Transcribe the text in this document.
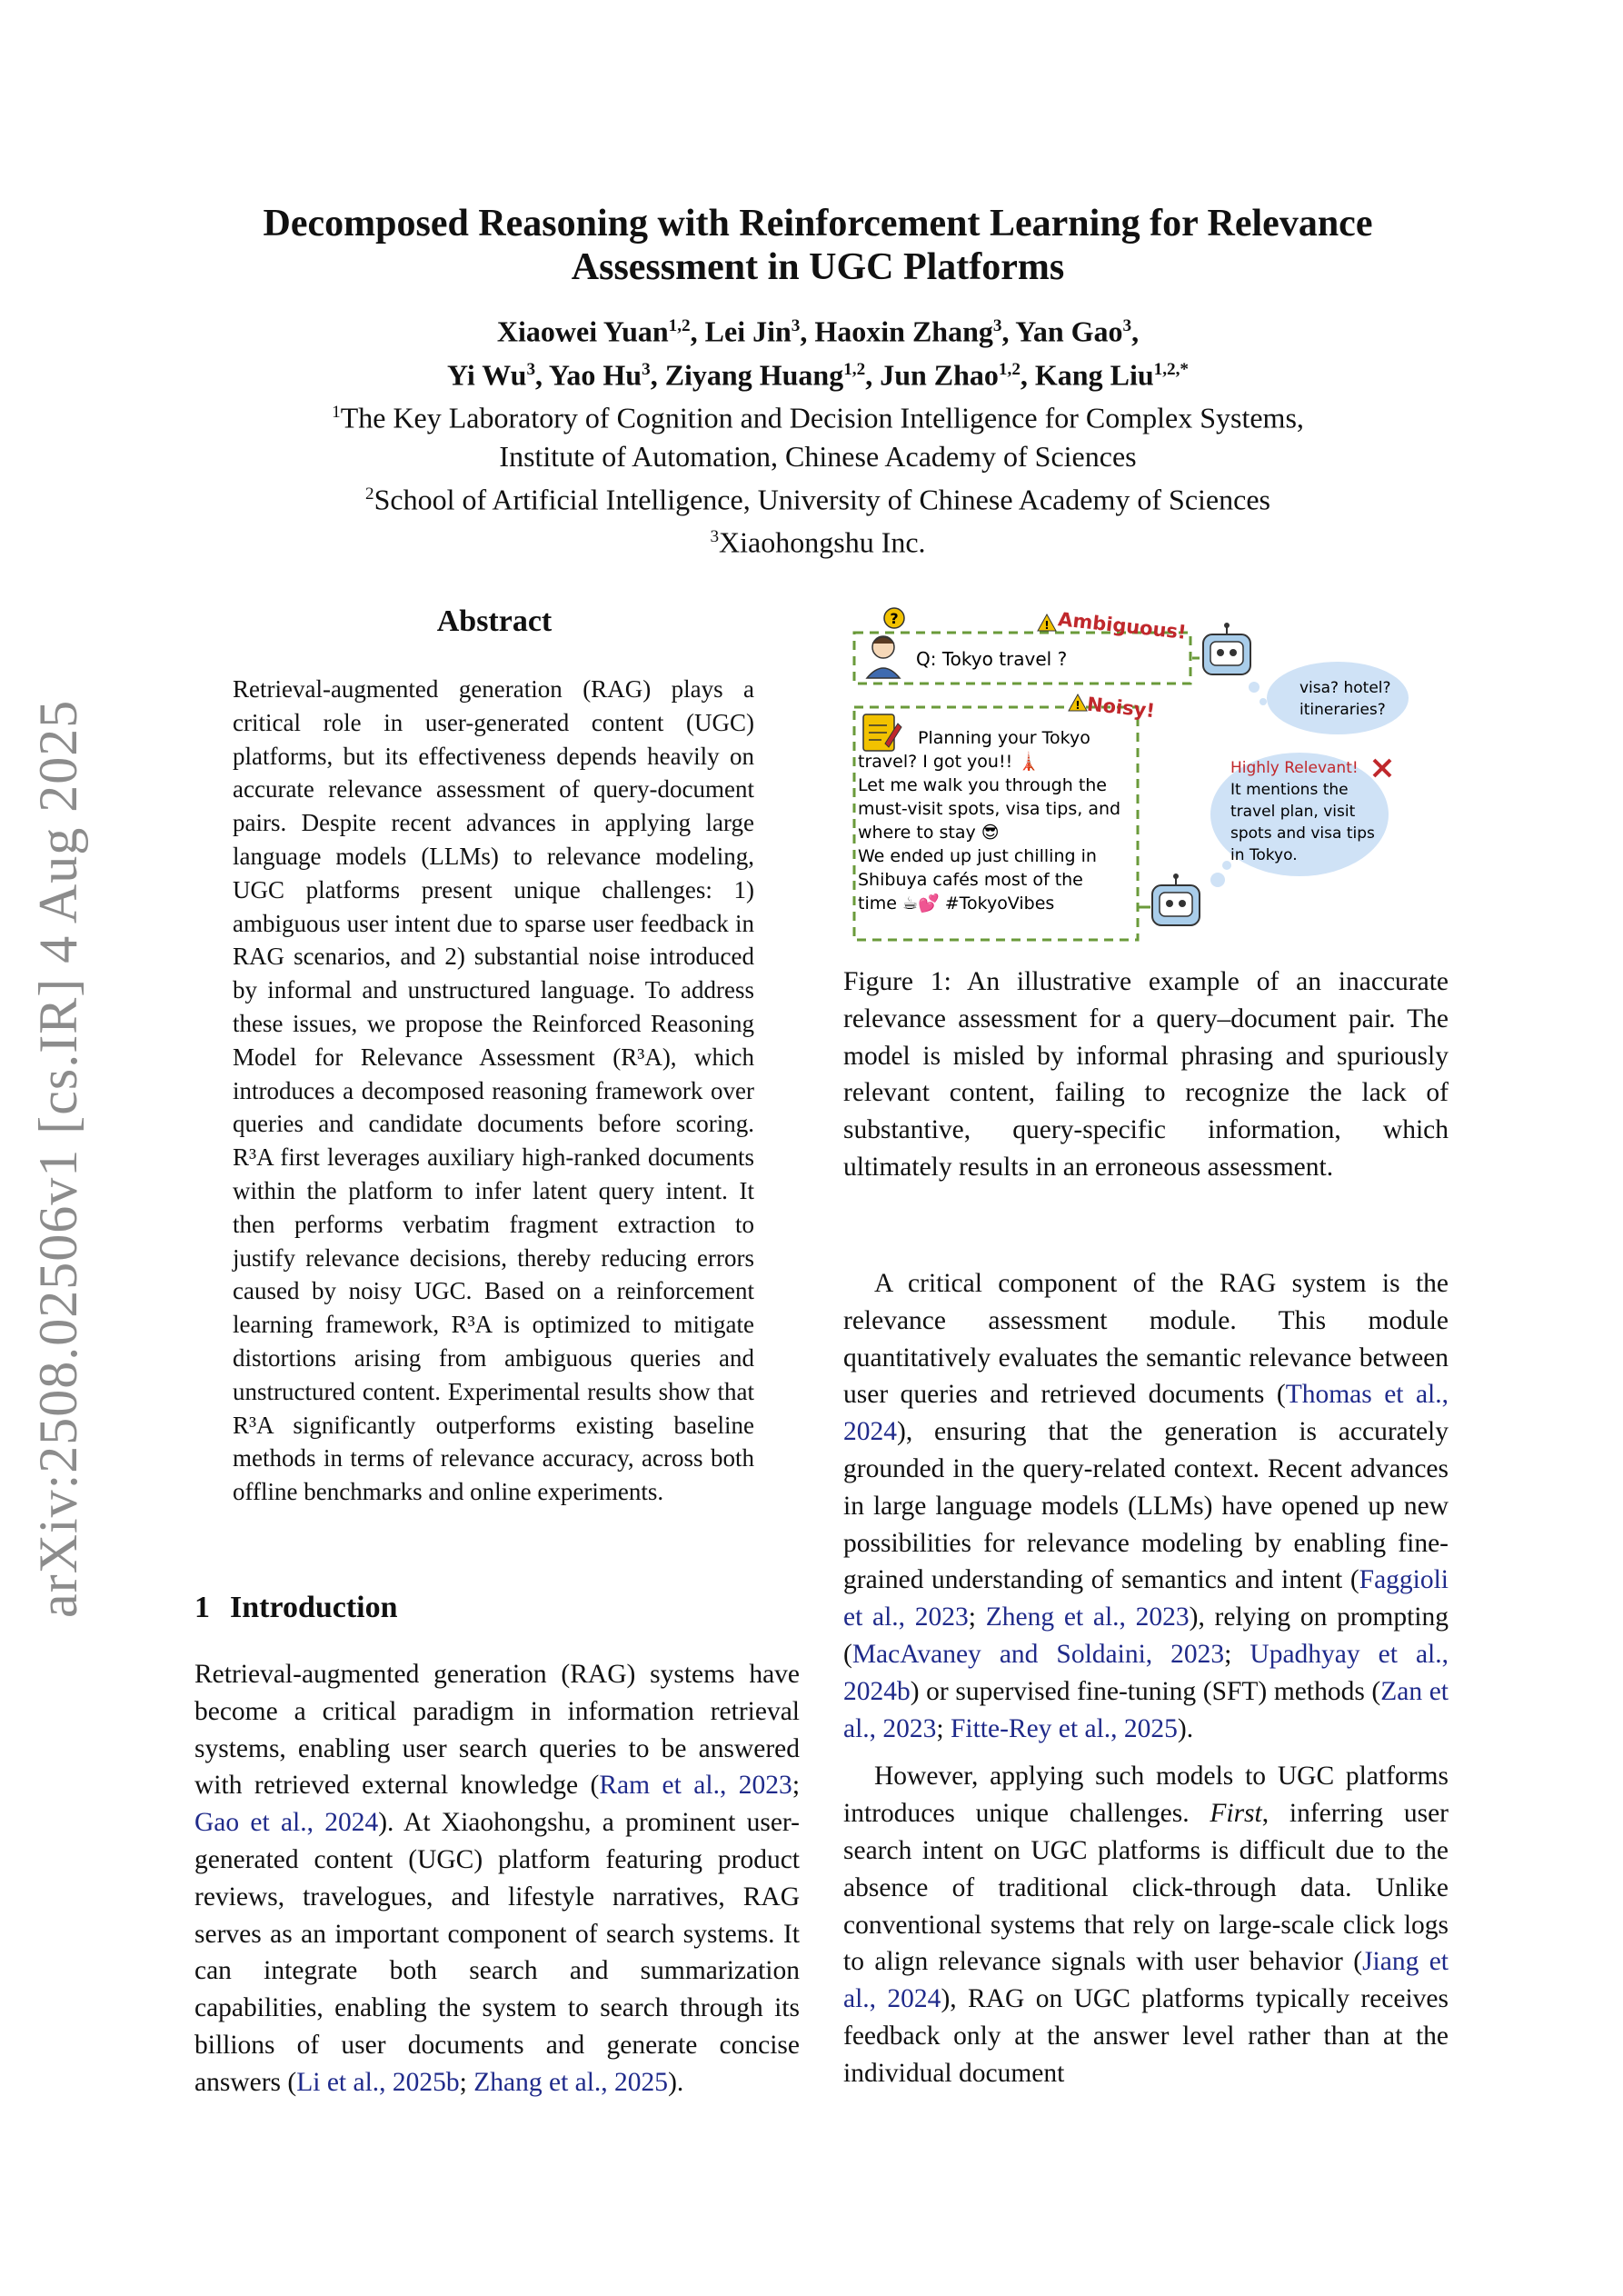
arXiv:2508.02506v1 [cs.IR] 4 Aug 2025
Decomposed Reasoning with Reinforcement Learning for Relevance
Assessment in UGC Platforms
Xiaowei Yuan$^{1,2}$, Lei Jin$^3$, Haoxin Zhang$^3$, Yan Gao$^3$,
Yi Wu$^3$, Yao Hu$^3$, Ziyang Huang$^{1,2}$, Jun Zhao$^{1,2}$, Kang Liu$^{1,2,*}$
$^1$The Key Laboratory of Cognition and Decision Intelligence for Complex Systems,
Institute of Automation, Chinese Academy of Sciences
$^2$School of Artificial Intelligence, University of Chinese Academy of Sciences
$^3$Xiaohongshu Inc.
Abstract
Retrieval-augmented generation (RAG) plays a critical role in user-generated content (UGC) platforms, but its effectiveness depends heavily on accurate relevance assessment of query-document pairs. Despite recent advances in applying large language models (LLMs) to relevance modeling, UGC platforms present unique challenges: 1) ambiguous user intent due to sparse user feedback in RAG scenarios, and 2) substantial noise introduced by informal and unstructured language. To address these issues, we propose the Reinforced Reasoning Model for Relevance Assessment (R³A), which introduces a decomposed reasoning framework over queries and candidate documents before scoring. R³A first leverages auxiliary high-ranked documents within the platform to infer latent query intent. It then performs verbatim fragment extraction to justify relevance decisions, thereby reducing errors caused by noisy UGC. Based on a reinforcement learning framework, R³A is optimized to mitigate distortions arising from ambiguous queries and unstructured content. Experimental results show that R³A significantly outperforms existing baseline methods in terms of relevance accuracy, across both offline benchmarks and online experiments.
1 Introduction
Retrieval-augmented generation (RAG) systems have become a critical paradigm in information retrieval systems, enabling user search queries to be answered with retrieved external knowledge (Ram et al., 2023; Gao et al., 2024). At Xiaohongshu, a prominent user-generated content (UGC) platform featuring product reviews, travelogues, and lifestyle narratives, RAG serves as an important component of search systems. It can integrate both search and summarization capabilities, enabling the system to search through its billions of user documents and generate concise answers (Li et al., 2025b; Zhang et al., 2025).
?
Q: Tokyo travel ?
! Ambiguous!
visa? hotel?
itineraries?
Planning your Tokyo
travel? I got you!! 🗼
Let me walk you through the
must-visit spots, visa tips, and
where to stay 😎
We ended up just chilling in
Shibuya cafés most of the
time ☕💕 #TokyoVibes
! Noisy!
Highly Relevant!
It mentions the
travel plan, visit
spots and visa tips
in Tokyo.
Figure 1: An illustrative example of an inaccurate relevance assessment for a query–document pair. The model is misled by informal phrasing and spuriously relevant content, failing to recognize the lack of substantive, query-specific information, which ultimately results in an erroneous assessment.

A critical component of the RAG system is the relevance assessment module. This module quantitatively evaluates the semantic relevance between user queries and retrieved documents (Thomas et al., 2024), ensuring that the generation is accurately grounded in the query-related context. Recent advances in large language models (LLMs) have opened up new possibilities for relevance modeling by enabling fine-grained understanding of semantics and intent (Faggioli et al., 2023; Zheng et al., 2023), relying on prompting (MacAvaney and Soldaini, 2023; Upadhyay et al., 2024b) or supervised fine-tuning (SFT) methods (Zan et al., 2023; Fitte-Rey et al., 2025).

However, applying such models to UGC platforms introduces unique challenges. First, inferring user search intent on UGC platforms is difficult due to the absence of traditional click-through data. Unlike conventional systems that rely on large-scale click logs to align relevance signals with user behavior (Jiang et al., 2024), RAG on UGC platforms typically receives feedback only at the answer level rather than at the individual document
